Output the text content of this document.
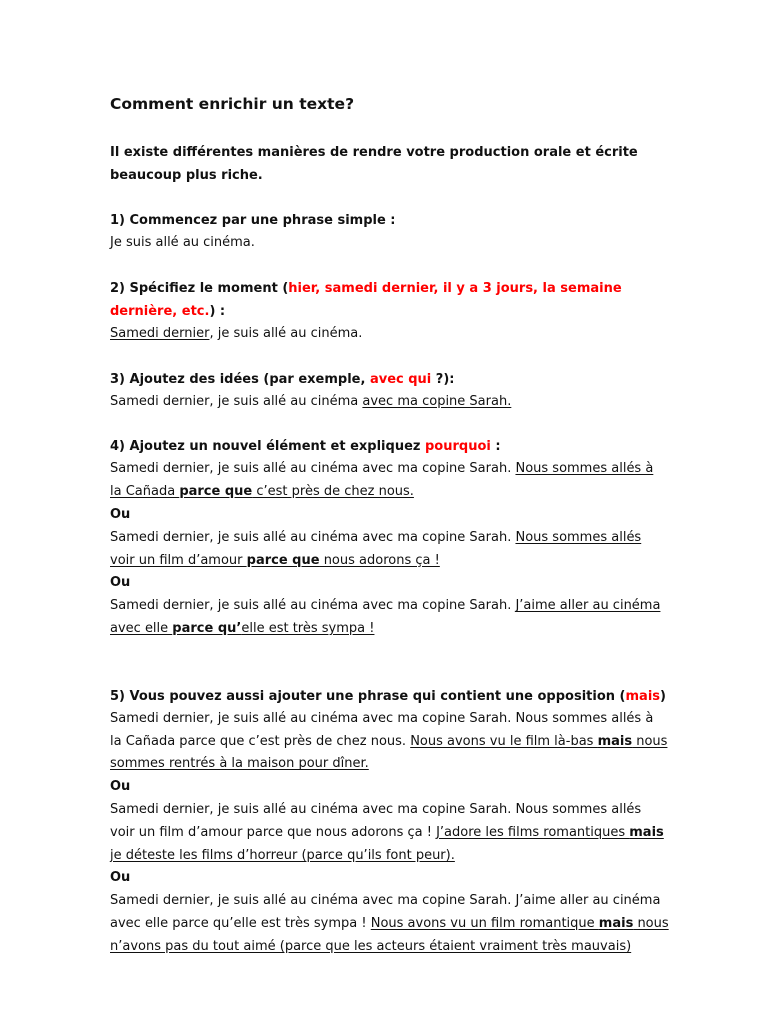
Comment enrichir un texte?
Il existe différentes manières de rendre votre production orale et écrite beaucoup plus riche.
1) Commencez par une phrase simple :
Je suis allé au cinéma.
2) Spécifiez le moment (hier, samedi dernier, il y a 3 jours, la semaine dernière, etc.) :
Samedi dernier, je suis allé au cinéma.
3) Ajoutez des idées (par exemple, avec qui ?):
Samedi dernier, je suis allé au cinéma avec ma copine Sarah.
4) Ajoutez un nouvel élément et expliquez pourquoi :
Samedi dernier, je suis allé au cinéma avec ma copine Sarah. Nous sommes allés à
la Cañada parce que c’est près de chez nous.
Ou
Samedi dernier, je suis allé au cinéma avec ma copine Sarah. Nous sommes allés
voir un film d’amour parce que nous adorons ça !
Ou
Samedi dernier, je suis allé au cinéma avec ma copine Sarah. J’aime aller au cinéma
avec elle parce qu’elle est très sympa !
5) Vous pouvez aussi ajouter une phrase qui contient une opposition (mais)
Samedi dernier, je suis allé au cinéma avec ma copine Sarah. Nous sommes allés à
la Cañada parce que c’est près de chez nous. Nous avons vu le film là-bas mais nous
sommes rentrés à la maison pour dîner.
Ou
Samedi dernier, je suis allé au cinéma avec ma copine Sarah. Nous sommes allés
voir un film d’amour parce que nous adorons ça ! J’adore les films romantiques mais
je déteste les films d’horreur (parce qu’ils font peur).
Ou
Samedi dernier, je suis allé au cinéma avec ma copine Sarah. J’aime aller au cinéma
avec elle parce qu’elle est très sympa ! Nous avons vu un film romantique mais nous
n’avons pas du tout aimé (parce que les acteurs étaient vraiment très mauvais)
